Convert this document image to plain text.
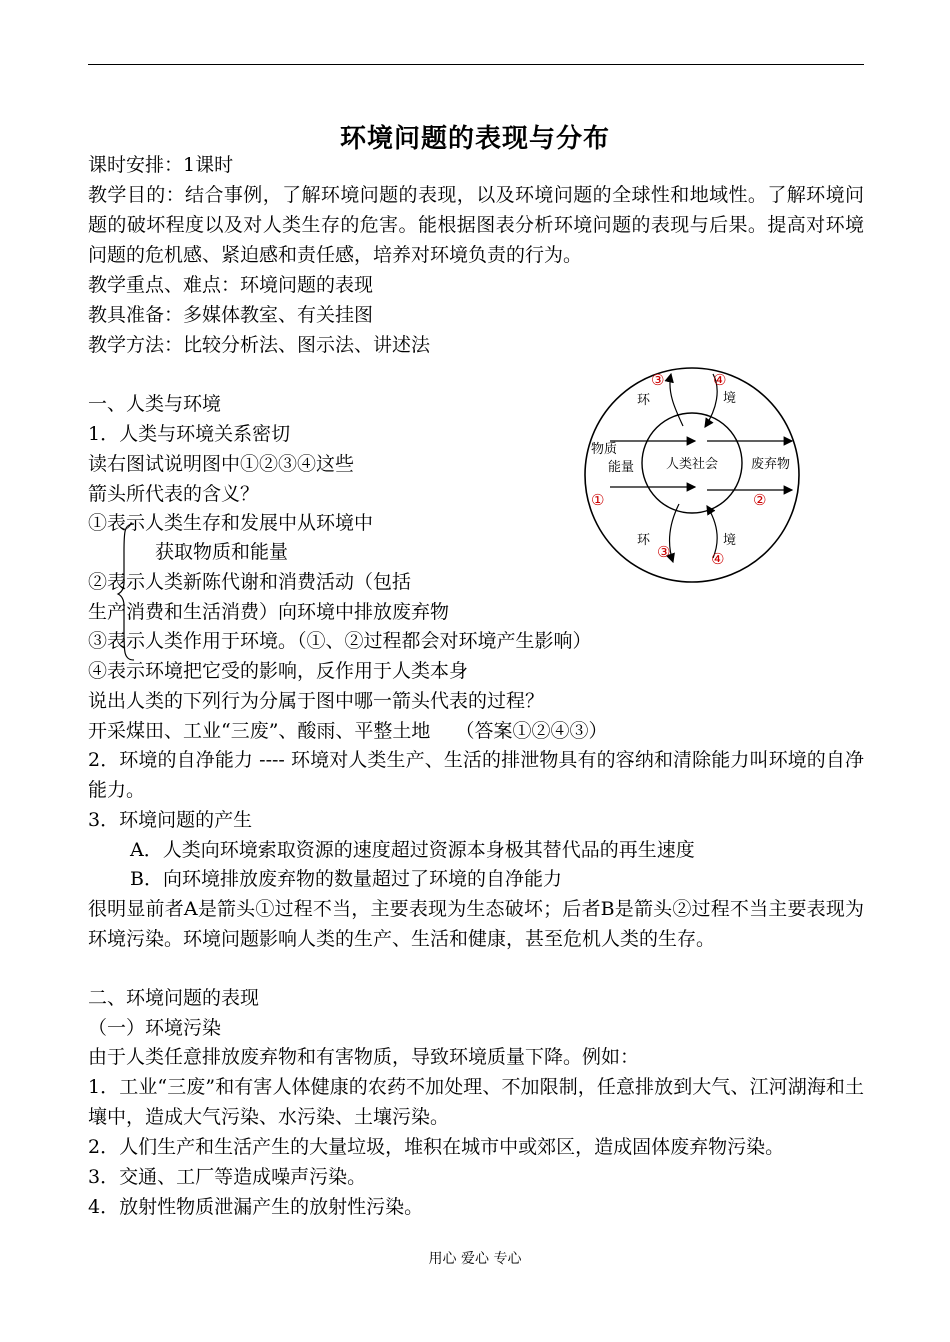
环境问题的表现与分布
课时安排：1课时
教学目的：结合事例，了解环境问题的表现，以及环境问题的全球性和地域性。了解环境问题的破坏程度以及对人类生存的危害。能根据图表分析环境问题的表现与后果。提高对环境问题的危机感、紧迫感和责任感，培养对环境负责的行为。
教学重点、难点：环境问题的表现
教具准备：多媒体教室、有关挂图
教学方法：比较分析法、图示法、讲述法
一、人类与环境
1．人类与环境关系密切
读右图试说明图中①②③④这些
箭头所代表的含义？
①表示人类生存和发展中从环境中
获取物质和能量
②表示人类新陈代谢和消费活动（包括
生产消费和生活消费）向环境中排放废弃物
③表示人类作用于环境。（①、②过程都会对环境产生影响）
④表示环境把它受的影响，反作用于人类本身
说出人类的下列行为分属于图中哪一箭头代表的过程？
开采煤田、工业“三废”、酸雨、平整土地　 （答案①②④③）
2．环境的自净能力 ---- 环境对人类生产、生活的排泄物具有的容纳和清除能力叫环境的自净能力。
3．环境问题的产生
A．人类向环境索取资源的速度超过资源本身极其替代品的再生速度
B．向环境排放废弃物的数量超过了环境的自净能力
很明显前者A是箭头①过程不当，主要表现为生态破坏；后者B是箭头②过程不当主要表现为环境污染。环境问题影响人类的生产、生活和健康，甚至危机人类的生存。
二、环境问题的表现
（一）环境污染
由于人类任意排放废弃物和有害物质，导致环境质量下降。例如：
1．工业“三废”和有害人体健康的农药不加处理、不加限制，任意排放到大气、江河湖海和土壤中，造成大气污染、水污染、土壤污染。
2．人们生产和生活产生的大量垃圾，堆积在城市中或郊区，造成固体废弃物污染。
3．交通、工厂等造成噪声污染。
4．放射性物质泄漏产生的放射性污染。
人类社会
物质
能量	废弃物
环	境
环	境
①	②
③	④
③	④
用心 爱心 专心
